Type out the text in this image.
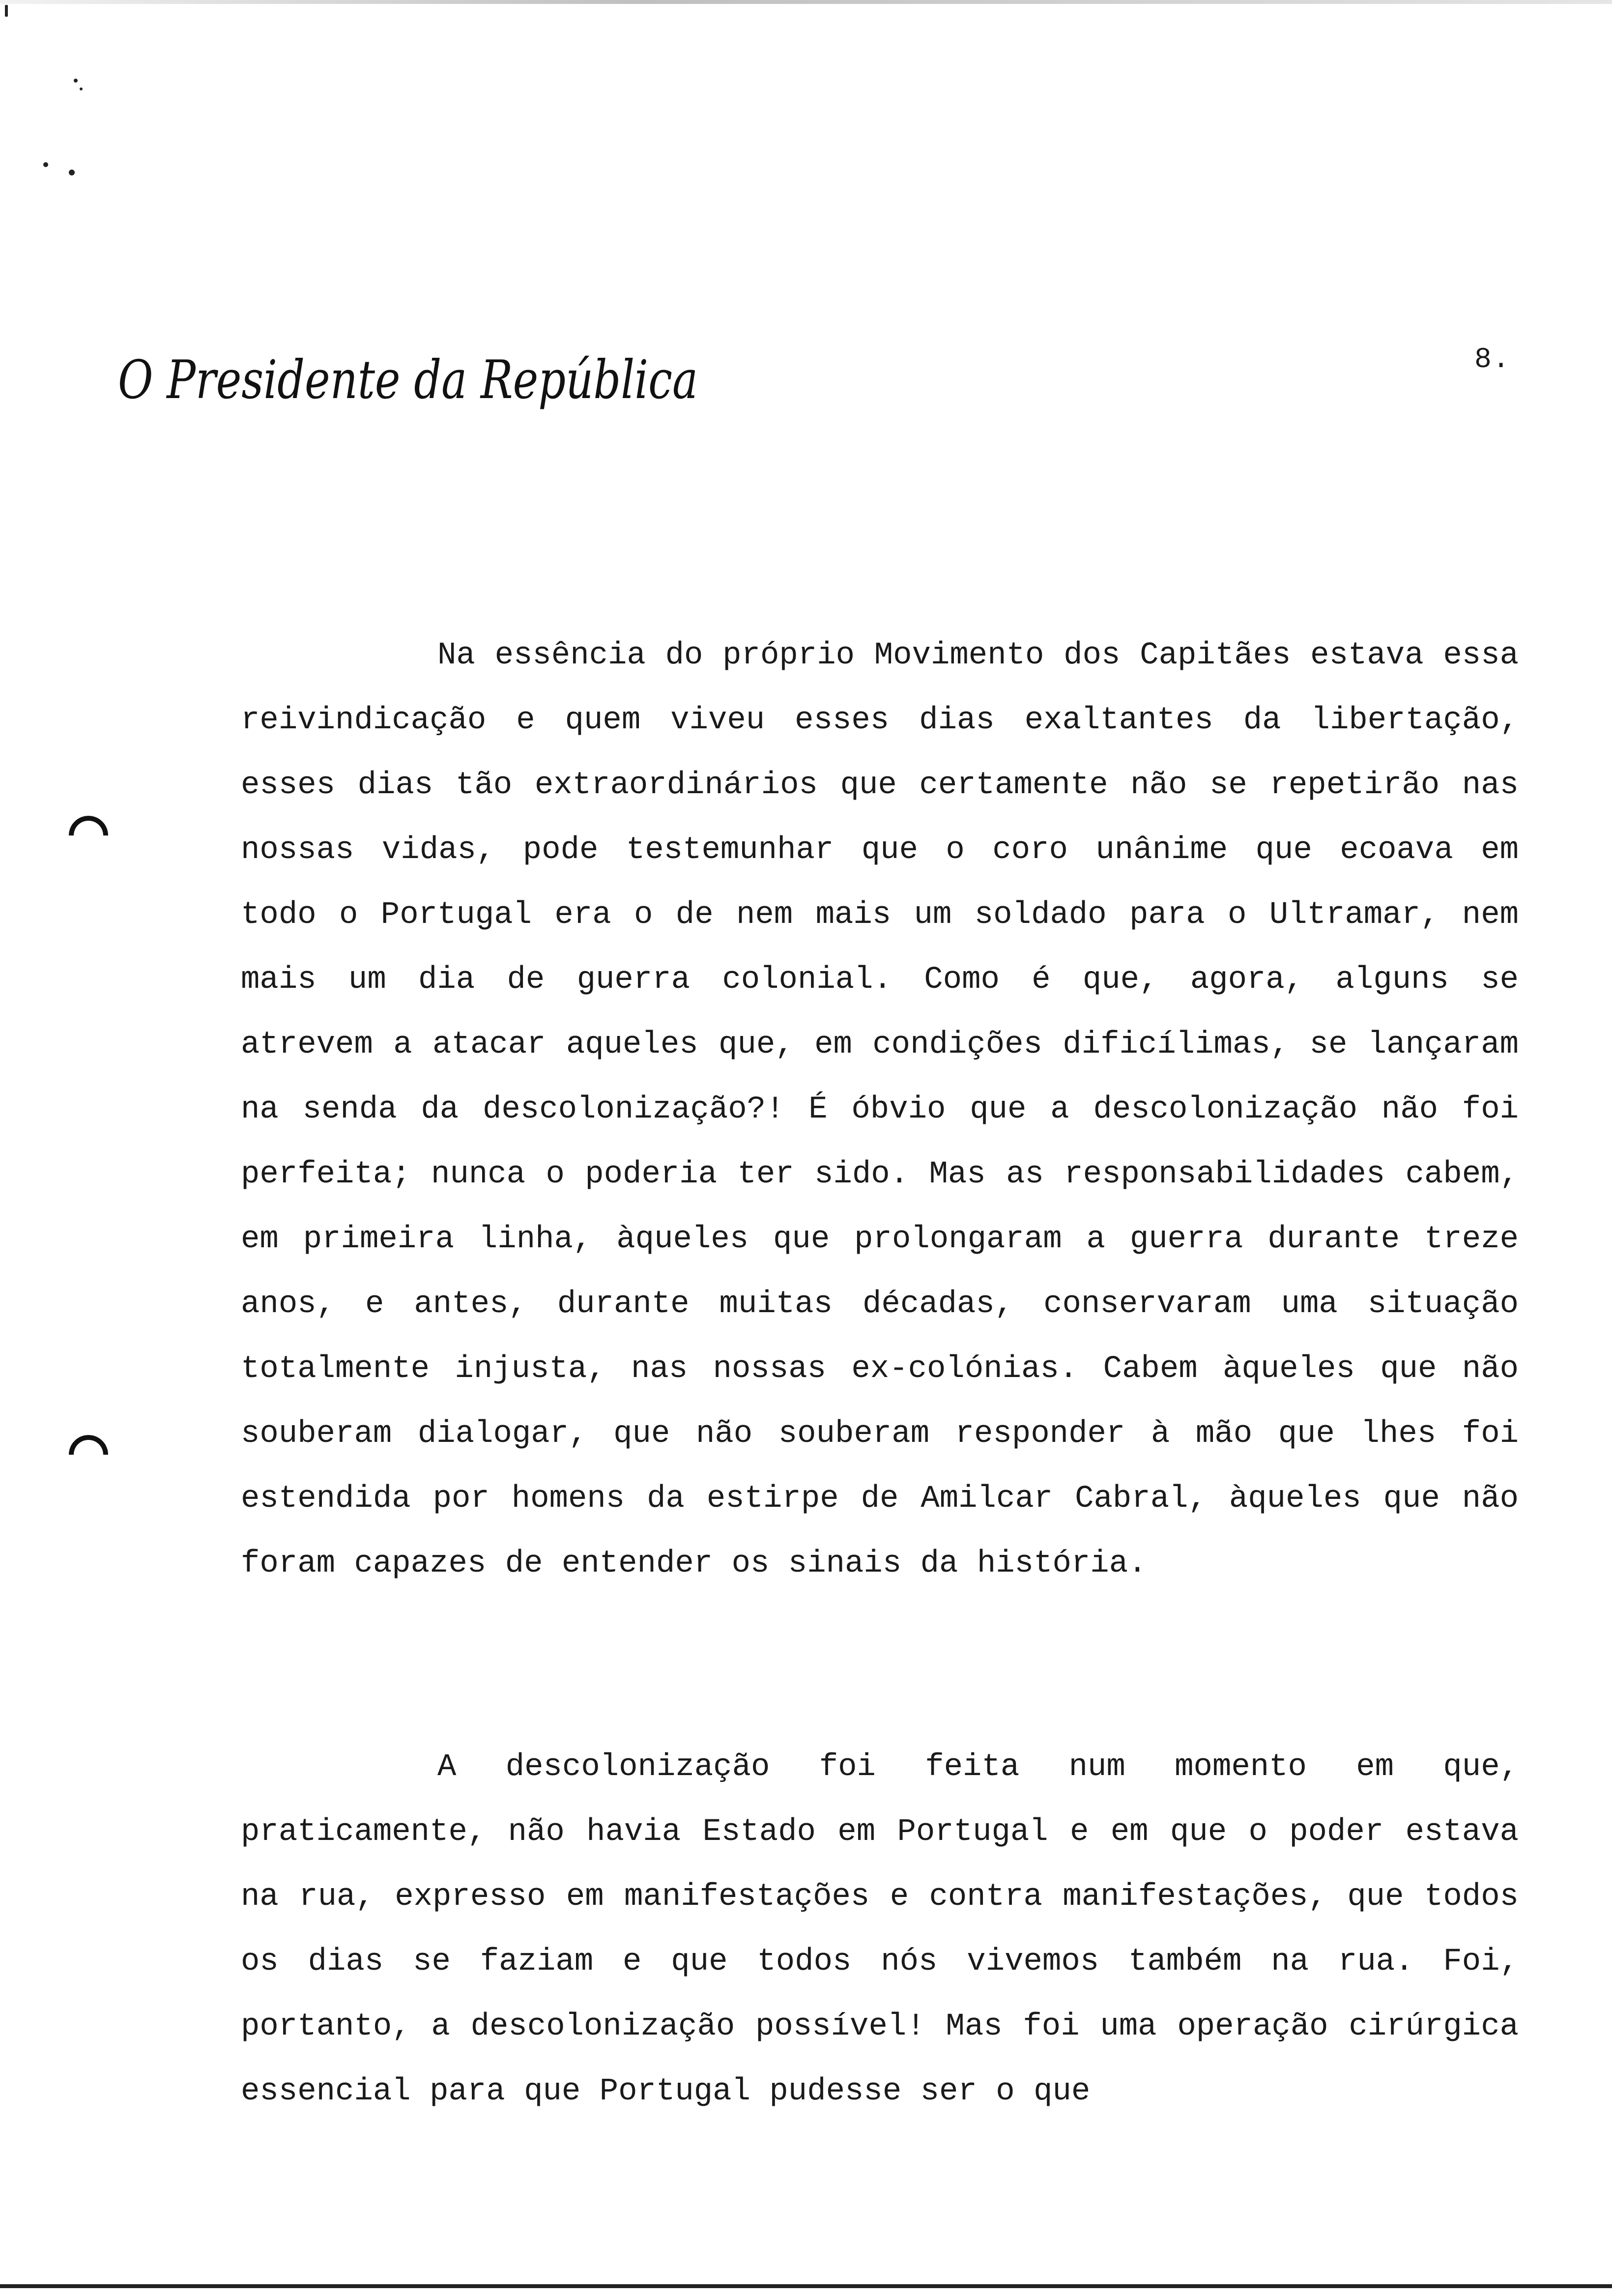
O Presidente da República	8.

Na essência do próprio Movimento dos Capitães estava essa reivindicação e quem viveu esses dias exaltantes da libertação, esses dias tão extraordinários que certamente não se repetirão nas nossas vidas, pode testemunhar que o coro unânime que ecoava em todo o Portugal era o de nem mais um soldado para o Ultramar, nem mais um dia de guerra colonial. Como é que, agora, alguns se atrevem a atacar aqueles que, em condições dificílimas, se lançaram na senda da descolonização?! É óbvio que a descolonização não foi perfeita; nunca o poderia ter sido. Mas as responsabilidades cabem, em primeira linha, àqueles que prolongaram a guerra durante treze anos, e antes, durante muitas décadas, conservaram uma situação totalmente injusta, nas nossas ex-colónias. Cabem àqueles que não souberam dialogar, que não souberam responder à mão que lhes foi estendida por homens da estirpe de Amilcar Cabral, àqueles que não foram capazes de entender os sinais da história.

A descolonização foi feita num momento em que, praticamente, não havia Estado em Portugal e em que o poder estava na rua, expresso em manifestações e contra manifestações, que todos os dias se faziam e que todos nós vivemos também na rua. Foi, portanto, a descolonização possível! Mas foi uma operação cirúrgica essencial para que Portugal pudesse ser o que
